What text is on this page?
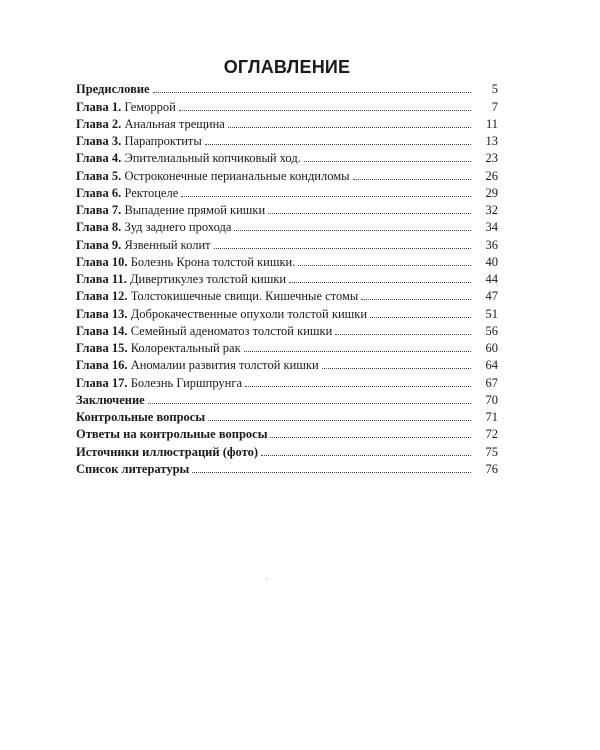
ОГЛАВЛЕНИЕ
Предисловие	5
Глава 1. Геморрой	7
Глава 2. Анальная трещина	11
Глава 3. Парапроктиты	13
Глава 4. Эпителиальный копчиковый ход.	23
Глава 5. Остроконечные перианальные кондиломы	26
Глава 6. Ректоцеле	29
Глава 7. Выпадение прямой кишки	32
Глава 8. Зуд заднего прохода	34
Глава 9. Язвенный колит	36
Глава 10. Болезнь Крона толстой кишки.	40
Глава 11. Дивертикулез толстой кишки	44
Глава 12. Толстокишечные свищи. Кишечные стомы	47
Глава 13. Доброкачественные опухоли толстой кишки	51
Глава 14. Семейный аденоматоз толстой кишки	56
Глава 15. Колоректальный рак	60
Глава 16. Аномалии развития толстой кишки	64
Глава 17. Болезнь Гиршпрунга	67
Заключение	70
Контрольные вопросы	71
Ответы на контрольные вопросы	72
Источники иллюстраций (фото)	75
Список литературы	76
